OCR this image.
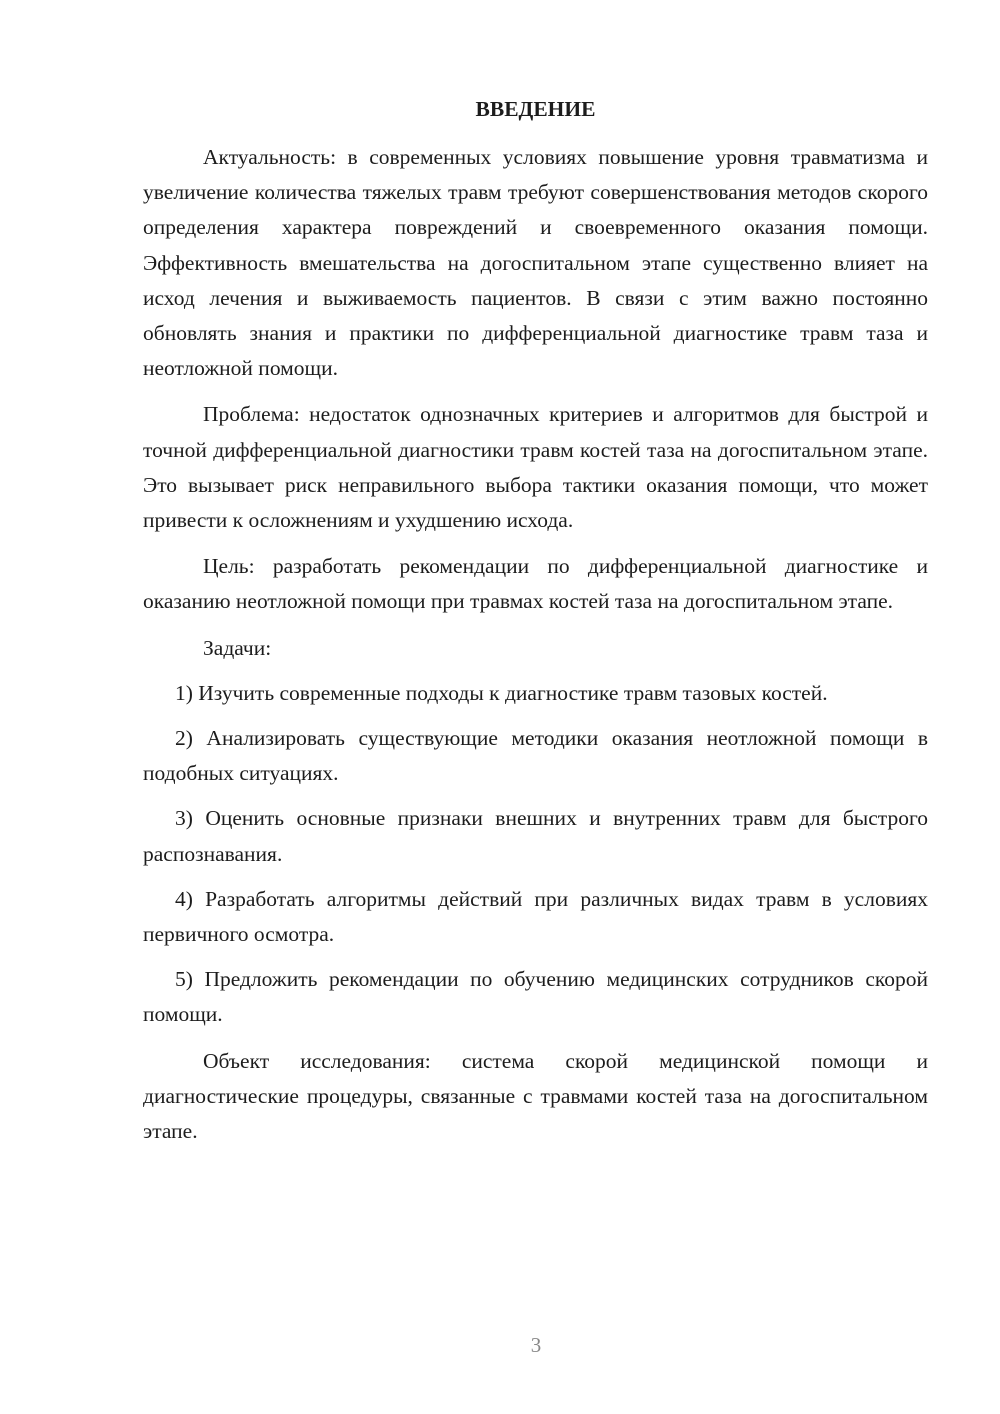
ВВЕДЕНИЕ

Актуальность: в современных условиях повышение уровня травматизма и увеличение количества тяжелых травм требуют совершенствования методов скорого определения характера повреждений и своевременного оказания помощи. Эффективность вмешательства на догоспитальном этапе существенно влияет на исход лечения и выживаемость пациентов. В связи с этим важно постоянно обновлять знания и практики по дифференциальной диагностике травм таза и неотложной помощи.

Проблема: недостаток однозначных критериев и алгоритмов для быстрой и точной дифференциальной диагностики травм костей таза на догоспитальном этапе. Это вызывает риск неправильного выбора тактики оказания помощи, что может привести к осложнениям и ухудшению исхода.

Цель: разработать рекомендации по дифференциальной диагностике и оказанию неотложной помощи при травмах костей таза на догоспитальном этапе.

Задачи:

1) Изучить современные подходы к диагностике травм тазовых костей.

2) Анализировать существующие методики оказания неотложной помощи в подобных ситуациях.

3) Оценить основные признаки внешних и внутренних травм для быстрого распознавания.

4) Разработать алгоритмы действий при различных видах травм в условиях первичного осмотра.

5) Предложить рекомендации по обучению медицинских сотрудников скорой помощи.

Объект исследования: система скорой медицинской помощи и диагностические процедуры, связанные с травмами костей таза на догоспитальном этапе.

3
